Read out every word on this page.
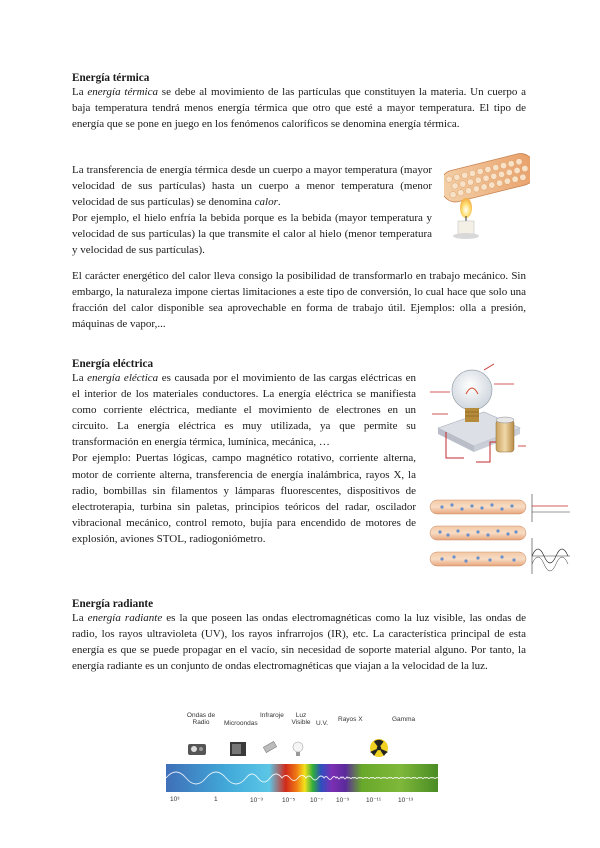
Energía térmica

La energía térmica se debe al movimiento de las partículas que constituyen la materia. Un cuerpo a baja temperatura tendrá menos energía térmica que otro que esté a mayor temperatura. El tipo de energía que se pone en juego en los fenómenos caloríficos se denomina energía térmica.

La transferencia de energía térmica desde un cuerpo a mayor temperatura (mayor velocidad de sus partículas) hasta un cuerpo a menor temperatura (menor velocidad de sus partículas) se denomina calor.

Por ejemplo, el hielo enfría la bebida porque es la bebida (mayor temperatura y velocidad de sus partículas) la que transmite el calor al hielo (menor temperatura y velocidad de sus partículas).

El carácter energético del calor lleva consigo la posibilidad de transformarlo en trabajo mecánico. Sin embargo, la naturaleza impone ciertas limitaciones a este tipo de conversión, lo cual hace que solo una fracción del calor disponible sea aprovechable en forma de trabajo útil. Ejemplos: olla a presión, máquinas de vapor,...

Energía eléctrica

La energía eléctica es causada por el movimiento de las cargas eléctricas en el interior de los materiales conductores. La energía eléctrica se manifiesta como corriente eléctrica, mediante el movimiento de electrones en un circuito. La energía eléctrica es muy utilizada, ya que permite su transformación en energía térmica, lumínica, mecánica, …

Por ejemplo: Puertas lógicas, campo magnético rotativo, corriente alterna, motor de corriente alterna, transferencia de energía inalámbrica, rayos X, la radio, bombillas sin filamentos y lámparas fluorescentes, dispositivos de electroterapia, turbina sin paletas, principios teóricos del radar, oscilador vibracional mecánico, control remoto, bujía para encendido de motores de explosión, aviones STOL, radiogoniómetro.

Energía radiante

La energía radiante es la que poseen las ondas electromagnéticas como la luz visible, las ondas de radio, los rayos ultravioleta (UV), los rayos infrarrojos (IR), etc. La característica principal de esta energía es que se puede propagar en el vacío, sin necesidad de soporte material alguno. Por tanto, la energía radiante es un conjunto de ondas electromagnéticas que viajan a la velocidad de la luz.

Ondas de Radio	Microondas
Infraroje	Luz Visible U.V.
Rayos X	Gamma
10³	1	10⁻³	10⁻⁵ 10⁻⁷ 10⁻⁹	10⁻¹¹	10⁻¹³
